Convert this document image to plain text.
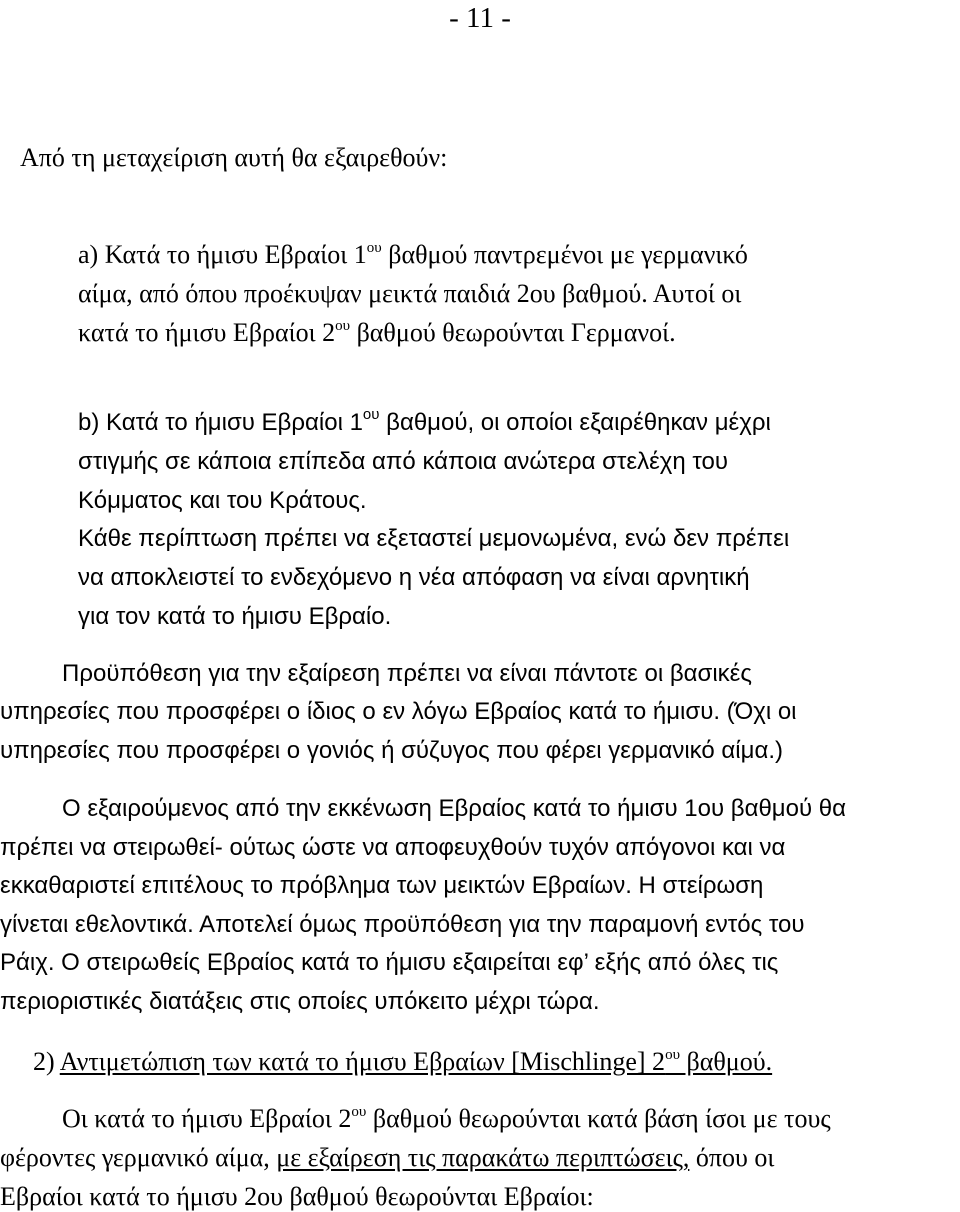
- 11 -
Από τη μεταχείριση αυτή θα εξαιρεθούν:
a) Κατά το ήμισυ Εβραίοι $1^{o\upsilon}$ βαθμού παντρεμένοι με γερμανικό
αίμα, από όπου προέκυψαν μεικτά παιδιά 2ου βαθμού. Αυτοί οι
κατά το ήμισυ Εβραίοι $2^{o\upsilon}$ βαθμού θεωρούνται Γερμανοί.
b) Κατά το ήμισυ Εβραίοι $1^{o\upsilon}$ βαθμού, οι οποίοι εξαιρέθηκαν μέχρι
στιγμής σε κάποια επίπεδα από κάποια ανώτερα στελέχη του
Κόμματος και του Κράτους.
Κάθε περίπτωση πρέπει να εξεταστεί μεμονωμένα, ενώ δεν πρέπει
να αποκλειστεί το ενδεχόμενο η νέα απόφαση να είναι αρνητική
για τον κατά το ήμισυ Εβραίο.
Προϋπόθεση για την εξαίρεση πρέπει να είναι πάντοτε οι βασικές
υπηρεσίες που προσφέρει ο ίδιος ο εν λόγω Εβραίος κατά το ήμισυ. (Όχι οι
υπηρεσίες που προσφέρει ο γονιός ή σύζυγος που φέρει γερμανικό αίμα.)
Ο εξαιρούμενος από την εκκένωση Εβραίος κατά το ήμισυ 1ου βαθμού θα
πρέπει να στειρωθεί- ούτως ώστε να αποφευχθούν τυχόν απόγονοι και να
εκκαθαριστεί επιτέλους το πρόβλημα των μεικτών Εβραίων. Η στείρωση
γίνεται εθελοντικά. Αποτελεί όμως προϋπόθεση για την παραμονή εντός του
Ράιχ. Ο στειρωθείς Εβραίος κατά το ήμισυ εξαιρείται εφ’ εξής από όλες τις
περιοριστικές διατάξεις στις οποίες υπόκειτο μέχρι τώρα.
2) Αντιμετώπιση των κατά το ήμισυ Εβραίων [Mischlinge] $2^{o\upsilon}$ βαθμού.
Οι κατά το ήμισυ Εβραίοι $2^{o\upsilon}$ βαθμού θεωρούνται κατά βάση ίσοι με τους
φέροντες γερμανικό αίμα, με εξαίρεση τις παρακάτω περιπτώσεις, όπου οι
Εβραίοι κατά το ήμισυ 2ου βαθμού θεωρούνται Εβραίοι:
